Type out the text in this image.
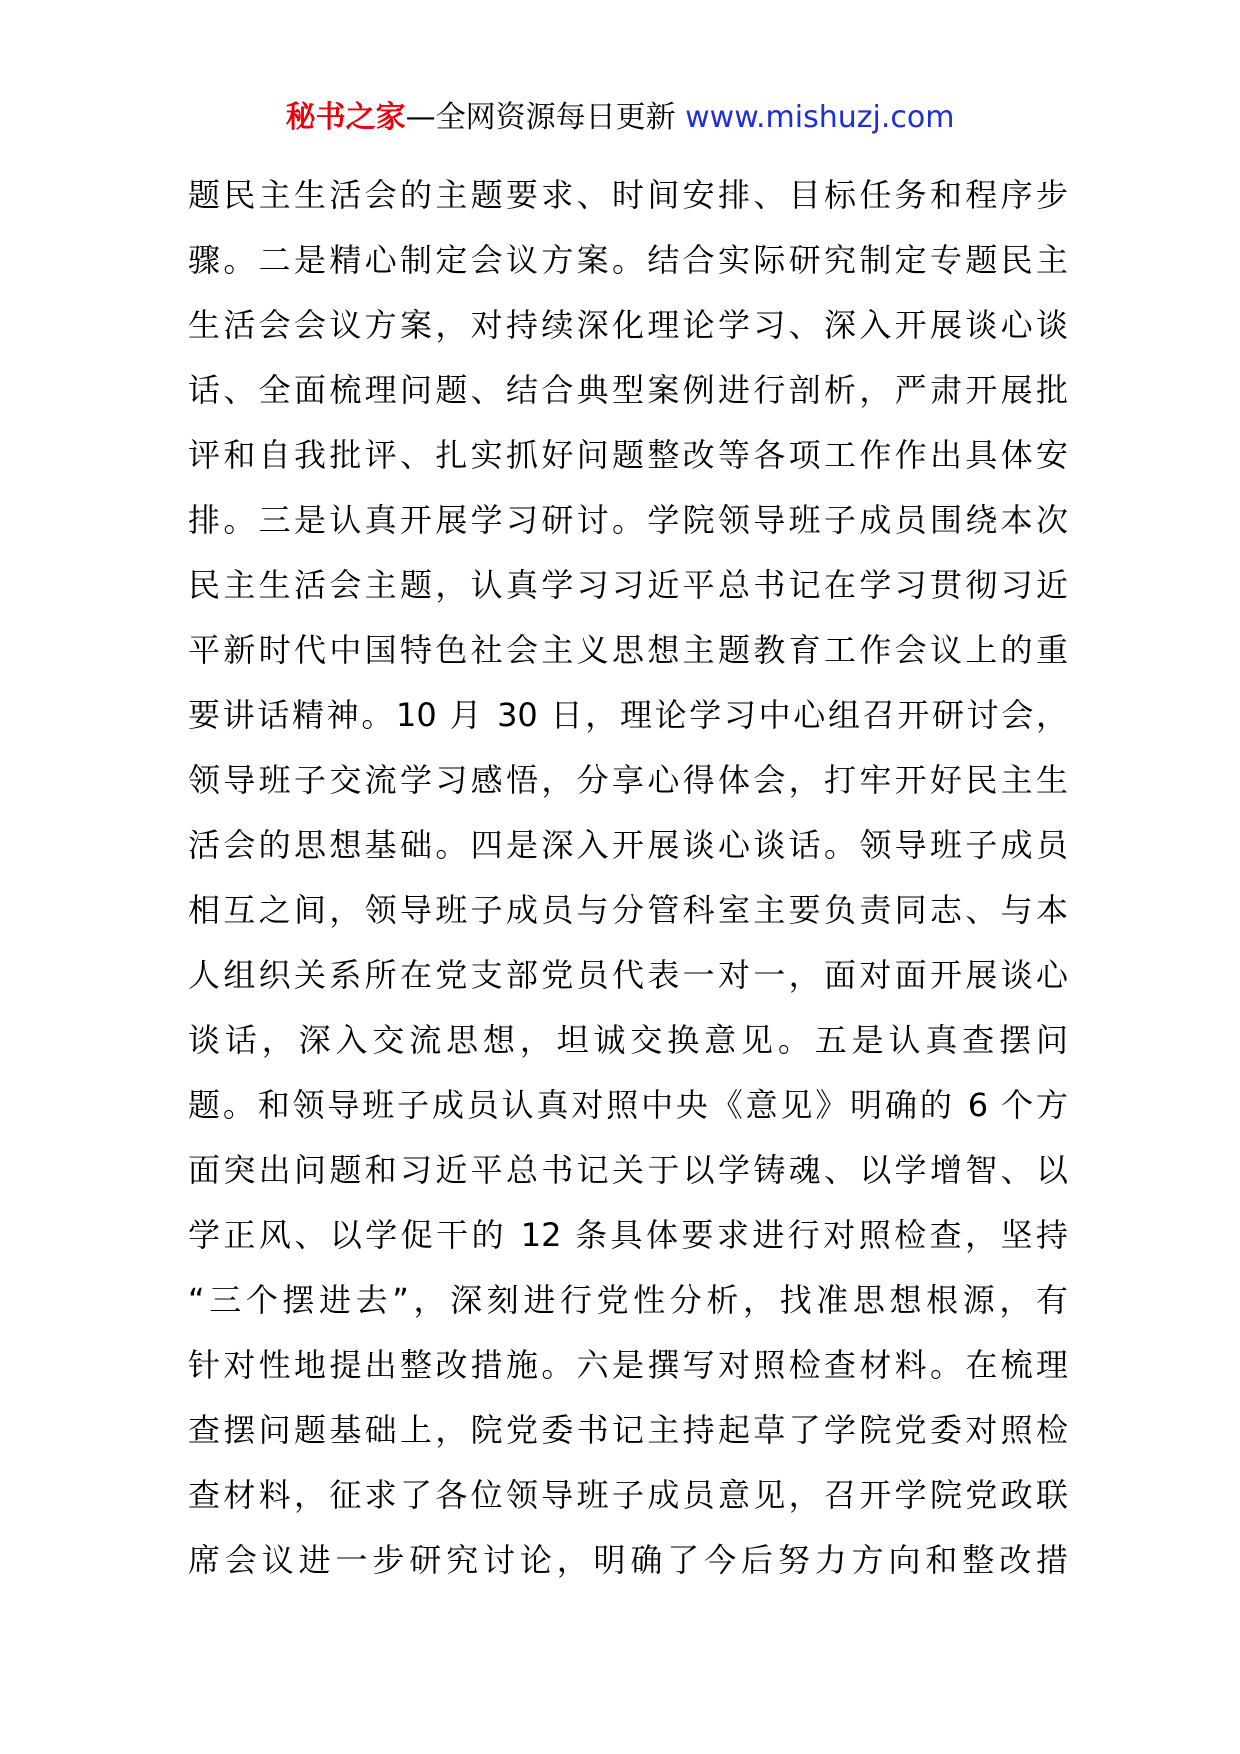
秘书之家—全网资源每日更新 www.mishuzj.com
题民主生活会的主题要求、时间安排、目标任务和程序步
骤。二是精心制定会议方案。结合实际研究制定专题民主
生活会会议方案，对持续深化理论学习、深入开展谈心谈
话、全面梳理问题、结合典型案例进行剖析，严肃开展批
评和自我批评、扎实抓好问题整改等各项工作作出具体安
排。三是认真开展学习研讨。学院领导班子成员围绕本次
民主生活会主题，认真学习习近平总书记在学习贯彻习近
平新时代中国特色社会主义思想主题教育工作会议上的重
要讲话精神。10 月 30 日，理论学习中心组召开研讨会，
领导班子交流学习感悟，分享心得体会，打牢开好民主生
活会的思想基础。四是深入开展谈心谈话。领导班子成员
相互之间，领导班子成员与分管科室主要负责同志、与本
人组织关系所在党支部党员代表一对一，面对面开展谈心
谈话，深入交流思想，坦诚交换意见。五是认真查摆问
题。和领导班子成员认真对照中央《意见》明确的 6 个方
面突出问题和习近平总书记关于以学铸魂、以学增智、以
学正风、以学促干的 12 条具体要求进行对照检查，坚持
“三个摆进去”，深刻进行党性分析，找准思想根源，有
针对性地提出整改措施。六是撰写对照检查材料。在梳理
查摆问题基础上，院党委书记主持起草了学院党委对照检
查材料，征求了各位领导班子成员意见，召开学院党政联
席会议进一步研究讨论，明确了今后努力方向和整改措
